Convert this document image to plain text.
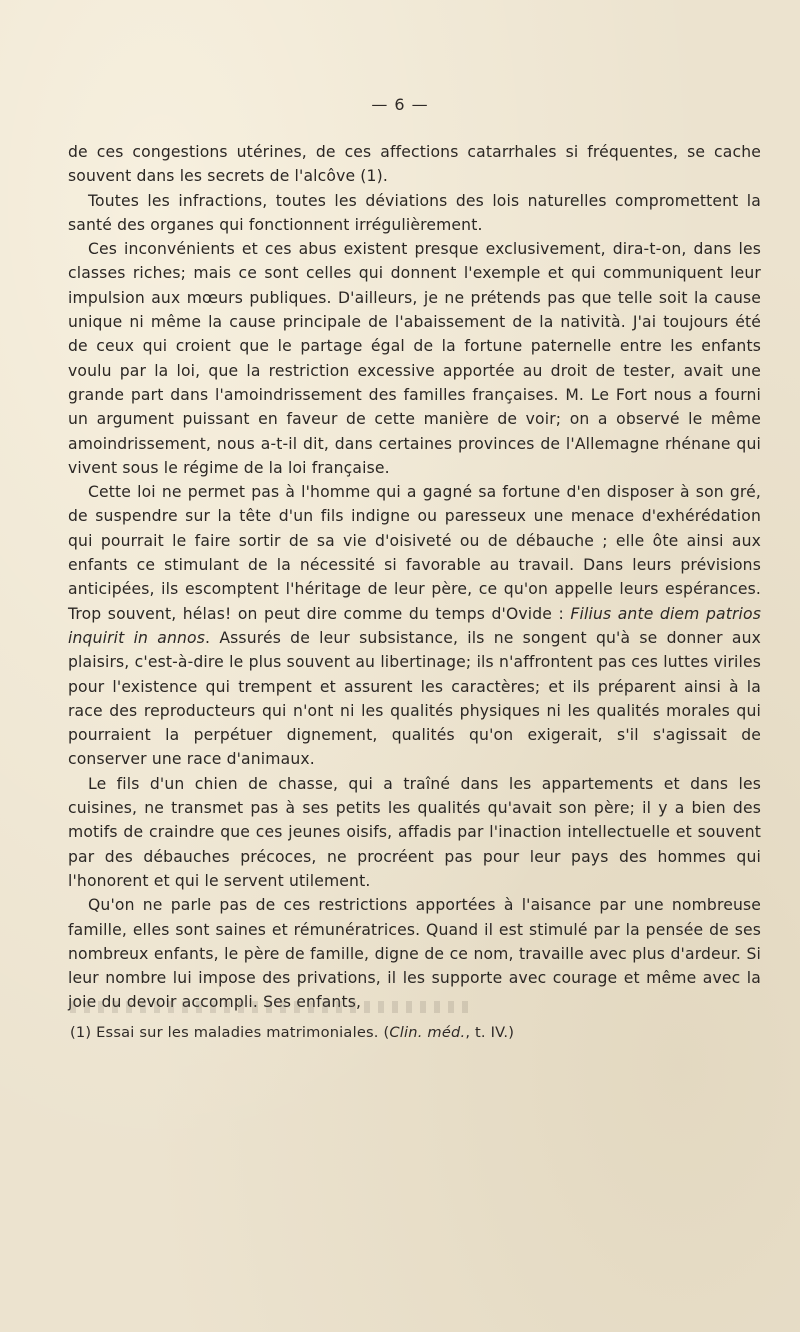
— 6 —

de ces congestions utérines, de ces affections catarrhales si fréquentes, se cache souvent dans les secrets de l'alcôve (1).

Toutes les infractions, toutes les déviations des lois naturelles compromettent la santé des organes qui fonctionnent irrégulièrement.

Ces inconvénients et ces abus existent presque exclusivement, dira-t-on, dans les classes riches; mais ce sont celles qui donnent l'exemple et qui communiquent leur impulsion aux mœurs publiques. D'ailleurs, je ne prétends pas que telle soit la cause unique ni même la cause principale de l'abaissement de la natività. J'ai toujours été de ceux qui croient que le partage égal de la fortune paternelle entre les enfants voulu par la loi, que la restriction excessive apportée au droit de tester, avait une grande part dans l'amoindrissement des familles françaises. M. Le Fort nous a fourni un argument puissant en faveur de cette manière de voir; on a observé le même amoindrissement, nous a-t-il dit, dans certaines provinces de l'Allemagne rhénane qui vivent sous le régime de la loi française.

Cette loi ne permet pas à l'homme qui a gagné sa fortune d'en disposer à son gré, de suspendre sur la tête d'un fils indigne ou paresseux une menace d'exhérédation qui pourrait le faire sortir de sa vie d'oisiveté ou de débauche ; elle ôte ainsi aux enfants ce stimulant de la nécessité si favorable au travail. Dans leurs prévisions anticipées, ils escomptent l'héritage de leur père, ce qu'on appelle leurs espérances. Trop souvent, hélas! on peut dire comme du temps d'Ovide : Filius ante diem patrios inquirit in annos. Assurés de leur subsistance, ils ne songent qu'à se donner aux plaisirs, c'est-à-dire le plus souvent au libertinage; ils n'affrontent pas ces luttes viriles pour l'existence qui trempent et assurent les caractères; et ils préparent ainsi à la race des reproducteurs qui n'ont ni les qualités physiques ni les qualités morales qui pourraient la perpétuer dignement, qualités qu'on exigerait, s'il s'agissait de conserver une race d'animaux.

Le fils d'un chien de chasse, qui a traîné dans les appartements et dans les cuisines, ne transmet pas à ses petits les qualités qu'avait son père; il y a bien des motifs de craindre que ces jeunes oisifs, affadis par l'inaction intellectuelle et souvent par des débauches précoces, ne procréent pas pour leur pays des hommes qui l'honorent et qui le servent utilement.

Qu'on ne parle pas de ces restrictions apportées à l'aisance par une nombreuse famille, elles sont saines et rémunératrices. Quand il est stimulé par la pensée de ses nombreux enfants, le père de famille, digne de ce nom, travaille avec plus d'ardeur. Si leur nombre lui impose des privations, il les supporte avec courage et même avec la joie du devoir accompli. Ses enfants,

(1) Essai sur les maladies matrimoniales. (Clin. méd., t. IV.)
